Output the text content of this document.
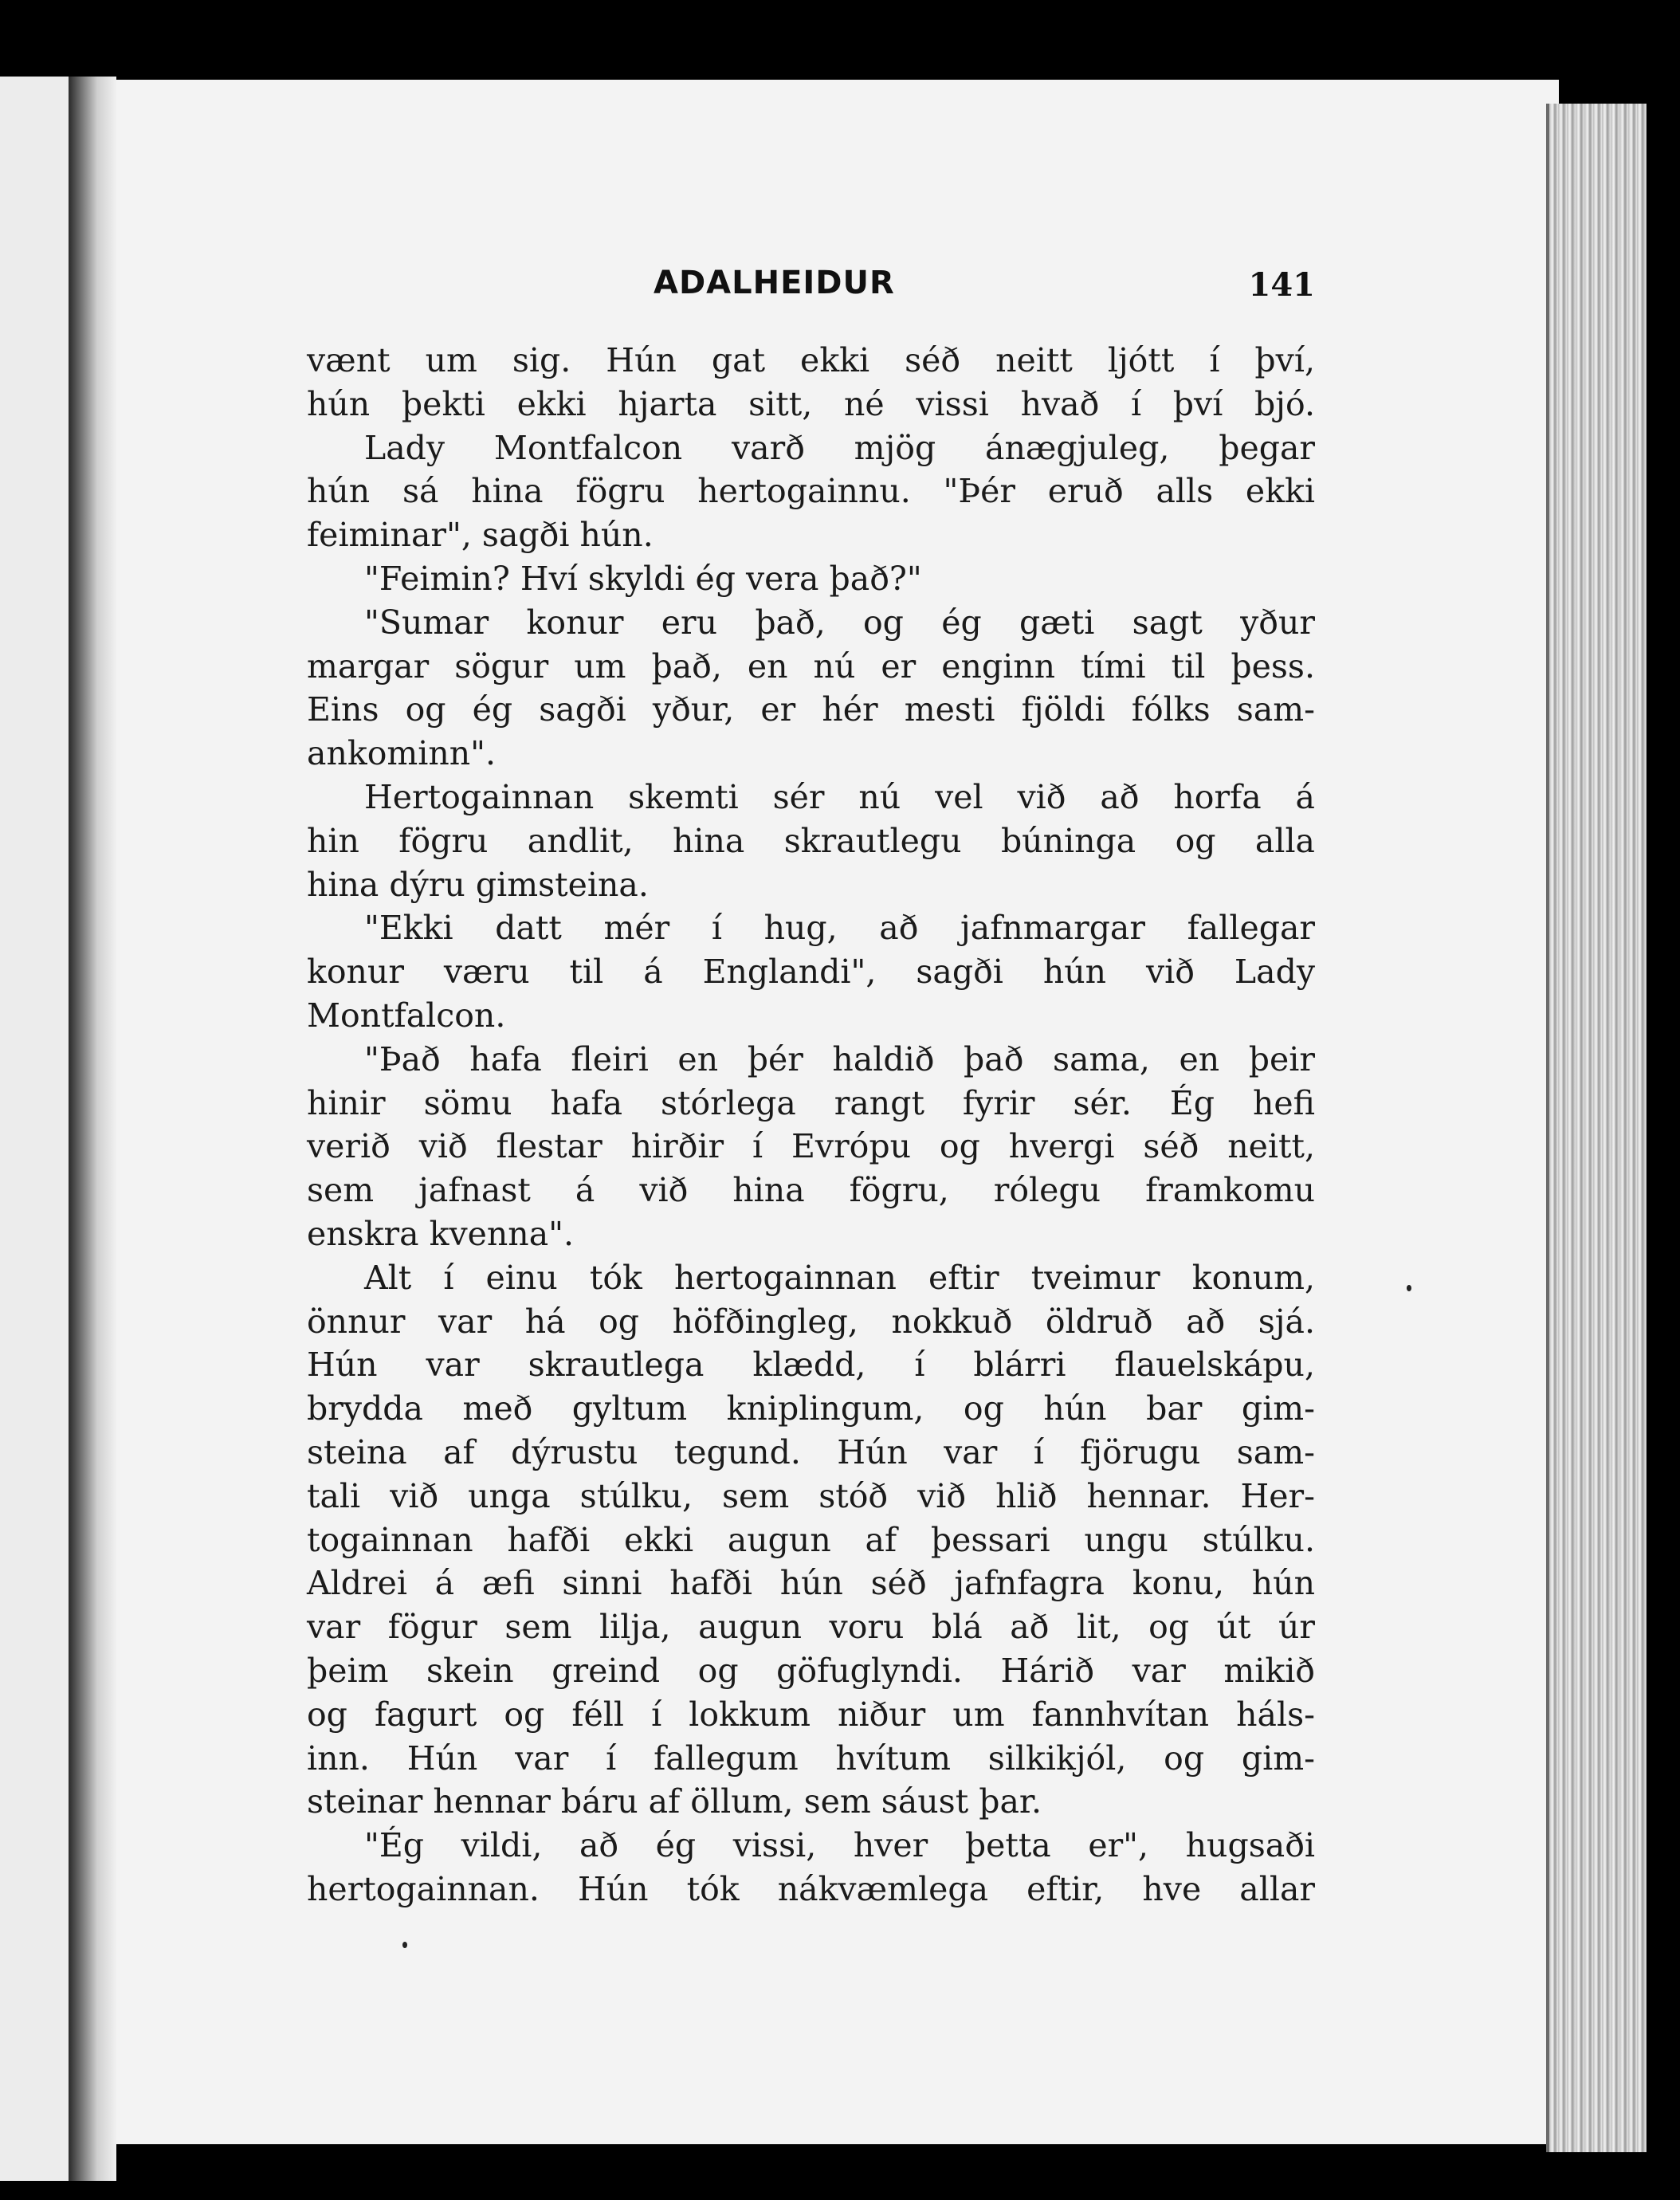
ADALHEIDUR	141
vænt um sig. Hún gat ekki séð neitt ljótt í því,
hún þekti ekki hjarta sitt, né vissi hvað í því bjó.
Lady Montfalcon varð mjög ánægjuleg, þegar
hún sá hina fögru hertogainnu. "Þér eruð alls ekki
feiminar", sagði hún.
"Feimin? Hví skyldi ég vera það?"
"Sumar konur eru það, og ég gæti sagt yður
margar sögur um það, en nú er enginn tími til þess.
Eins og ég sagði yður, er hér mesti fjöldi fólks sam-
ankominn".
Hertogainnan skemti sér nú vel við að horfa á
hin fögru andlit, hina skrautlegu búninga og alla
hina dýru gimsteina.
"Ekki datt mér í hug, að jafnmargar fallegar
konur væru til á Englandi", sagði hún við Lady
Montfalcon.
"Það hafa fleiri en þér haldið það sama, en þeir
hinir sömu hafa stórlega rangt fyrir sér. Ég hefi
verið við flestar hirðir í Evrópu og hvergi séð neitt,
sem jafnast á við hina fögru, rólegu framkomu
enskra kvenna".
Alt í einu tók hertogainnan eftir tveimur konum,
önnur var há og höfðingleg, nokkuð öldruð að sjá.
Hún var skrautlega klædd, í blárri flauelskápu,
brydda með gyltum kniplingum, og hún bar gim-
steina af dýrustu tegund. Hún var í fjörugu sam-
tali við unga stúlku, sem stóð við hlið hennar. Her-
togainnan hafði ekki augun af þessari ungu stúlku.
Aldrei á æfi sinni hafði hún séð jafnfagra konu, hún
var fögur sem lilja, augun voru blá að lit, og út úr
þeim skein greind og göfuglyndi. Hárið var mikið
og fagurt og féll í lokkum niður um fannhvítan háls-
inn. Hún var í fallegum hvítum silkikjól, og gim-
steinar hennar báru af öllum, sem sáust þar.
"Ég vildi, að ég vissi, hver þetta er", hugsaði
hertogainnan. Hún tók nákvæmlega eftir, hve allar
